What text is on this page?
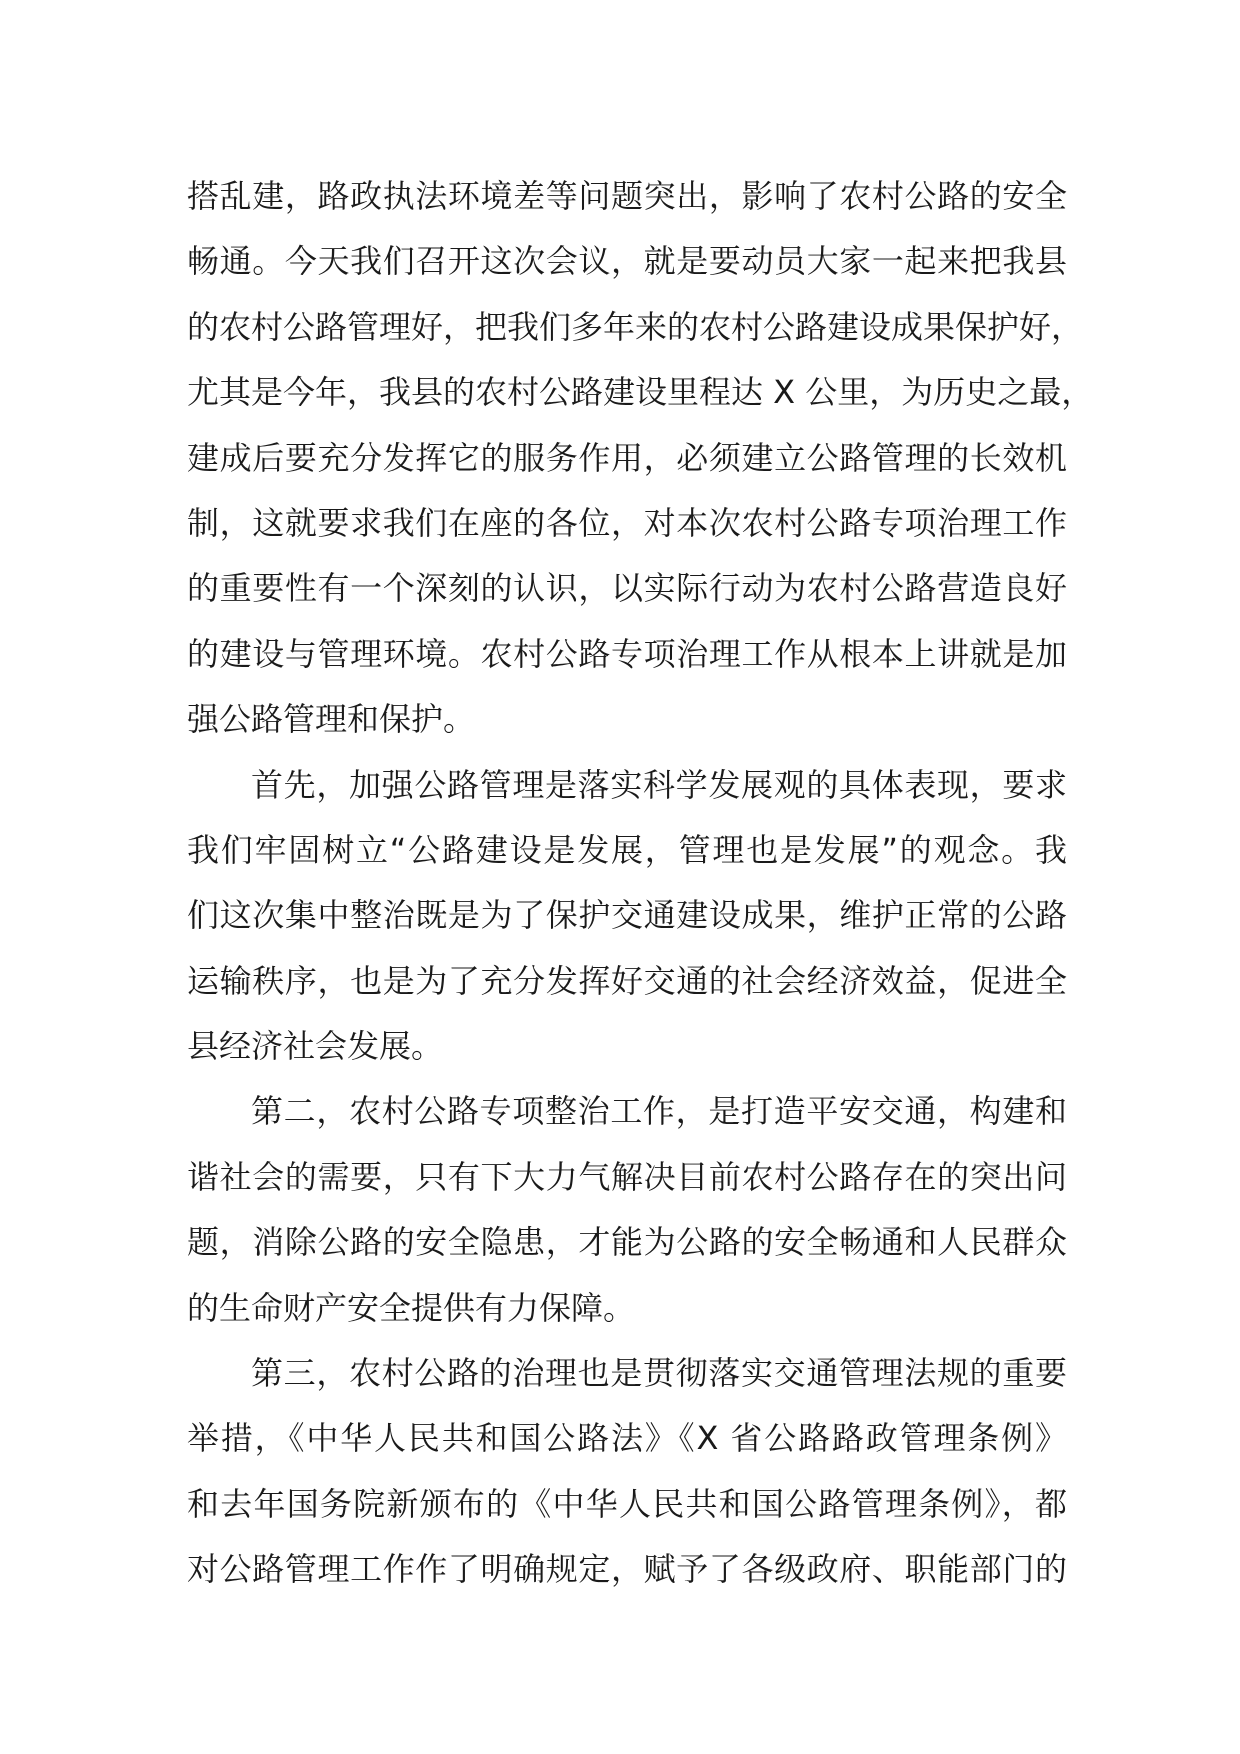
搭乱建，路政执法环境差等问题突出，影响了农村公路的安全
畅通。今天我们召开这次会议，就是要动员大家一起来把我县
的农村公路管理好，把我们多年来的农村公路建设成果保护好，
尤其是今年，我县的农村公路建设里程达 X 公里，为历史之最，
建成后要充分发挥它的服务作用，必须建立公路管理的长效机
制，这就要求我们在座的各位，对本次农村公路专项治理工作
的重要性有一个深刻的认识，以实际行动为农村公路营造良好
的建设与管理环境。农村公路专项治理工作从根本上讲就是加
强公路管理和保护。
首先，加强公路管理是落实科学发展观的具体表现，要求
我们牢固树立“公路建设是发展，管理也是发展”的观念。我
们这次集中整治既是为了保护交通建设成果，维护正常的公路
运输秩序，也是为了充分发挥好交通的社会经济效益，促进全
县经济社会发展。
第二，农村公路专项整治工作，是打造平安交通，构建和
谐社会的需要，只有下大力气解决目前农村公路存在的突出问
题，消除公路的安全隐患，才能为公路的安全畅通和人民群众
的生命财产安全提供有力保障。
第三，农村公路的治理也是贯彻落实交通管理法规的重要
举措，《中华人民共和国公路法》《X 省公路路政管理条例》
和去年国务院新颁布的《中华人民共和国公路管理条例》，都
对公路管理工作作了明确规定，赋予了各级政府、职能部门的
